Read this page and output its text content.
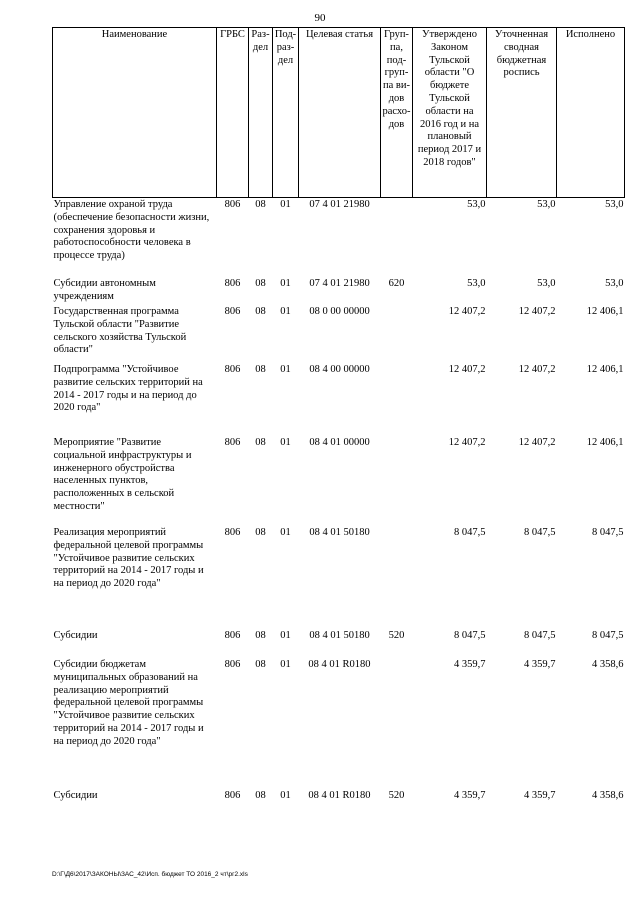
90
Наименование	ГРБС	Раз-дел	Под-раз-дел	Целевая статья	Груп-па, под-груп-па ви-дов расхо-дов	Утверждено Законом Тульской области "О бюджете Тульской области на 2016 год и на плановый период 2017 и 2018 годов"	Уточненная сводная бюджетная роспись	Исполнено

Управление охраной труда (обеспечение безопасности жизни, сохранения здоровья и работоспособности человека в процессе труда)	806	08	01	07 4 01 21980		53,0	53,0	53,0
Субсидии автономным учреждениям	806	08	01	07 4 01 21980	620	53,0	53,0	53,0
Государственная программа Тульской области "Развитие сельского хозяйства Тульской области"	806	08	01	08 0 00 00000		12 407,2	12 407,2	12 406,1
Подпрограмма "Устойчивое развитие сельских территорий на 2014 - 2017 годы и на период до 2020 года"	806	08	01	08 4 00 00000		12 407,2	12 407,2	12 406,1
Мероприятие "Развитие социальной инфраструктуры и инженерного обустройства населенных пунктов, расположенных в сельской местности"	806	08	01	08 4 01 00000		12 407,2	12 407,2	12 406,1
Реализация мероприятий федеральной целевой программы "Устойчивое развитие сельских территорий на 2014 - 2017 годы и на период до 2020 года"	806	08	01	08 4 01 50180		8 047,5	8 047,5	8 047,5
Субсидии	806	08	01	08 4 01 50180	520	8 047,5	8 047,5	8 047,5
Субсидии бюджетам муниципальных образований на реализацию мероприятий федеральной целевой программы "Устойчивое развитие сельских территорий на 2014 - 2017 годы и на период до 2020 года"	806	08	01	08 4 01 R0180		4 359,7	4 359,7	4 358,6
Субсидии	806	08	01	08 4 01 R0180	520	4 359,7	4 359,7	4 358,6
D:\Г\Д6\2017\ЗАКОНЫ\ЗАС_42\Исп. бюджет ТО 2016_2 чт\рг2.xls
